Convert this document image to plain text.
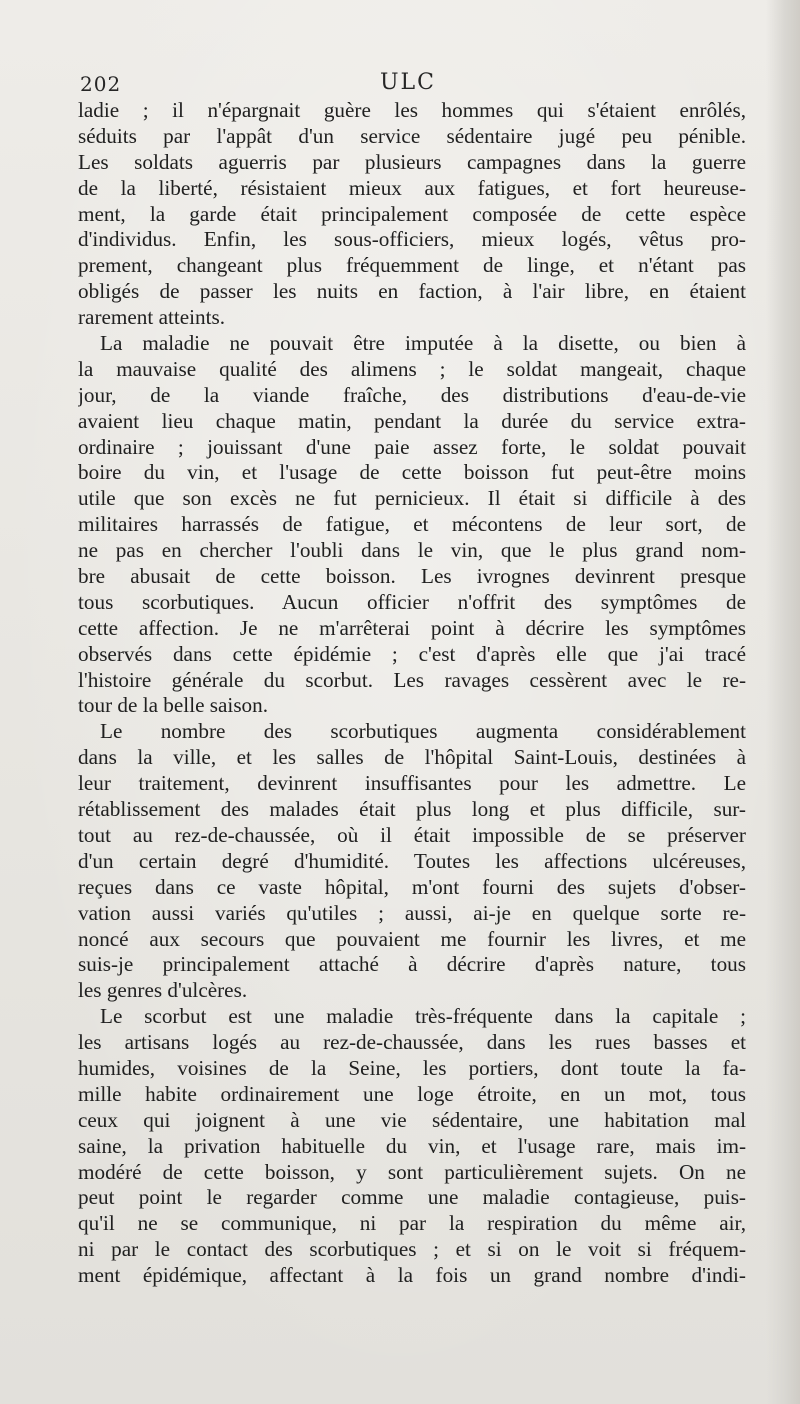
202	ULC
ladie ; il n'épargnait guère les hommes qui s'étaient enrôlés,
séduits par l'appât d'un service sédentaire jugé peu pénible.
Les soldats aguerris par plusieurs campagnes dans la guerre
de la liberté, résistaient mieux aux fatigues, et fort heureuse-
ment, la garde était principalement composée de cette espèce
d'individus. Enfin, les sous-officiers, mieux logés, vêtus pro-
prement, changeant plus fréquemment de linge, et n'étant pas
obligés de passer les nuits en faction, à l'air libre, en étaient
rarement atteints.
La maladie ne pouvait être imputée à la disette, ou bien à
la mauvaise qualité des alimens ; le soldat mangeait, chaque
jour, de la viande fraîche, des distributions d'eau-de-vie
avaient lieu chaque matin, pendant la durée du service extra-
ordinaire ; jouissant d'une paie assez forte, le soldat pouvait
boire du vin, et l'usage de cette boisson fut peut-être moins
utile que son excès ne fut pernicieux. Il était si difficile à des
militaires harrassés de fatigue, et mécontens de leur sort, de
ne pas en chercher l'oubli dans le vin, que le plus grand nom-
bre abusait de cette boisson. Les ivrognes devinrent presque
tous scorbutiques. Aucun officier n'offrit des symptômes de
cette affection. Je ne m'arrêterai point à décrire les symptômes
observés dans cette épidémie ; c'est d'après elle que j'ai tracé
l'histoire générale du scorbut. Les ravages cessèrent avec le re-
tour de la belle saison.
Le nombre des scorbutiques augmenta considérablement
dans la ville, et les salles de l'hôpital Saint-Louis, destinées à
leur traitement, devinrent insuffisantes pour les admettre. Le
rétablissement des malades était plus long et plus difficile, sur-
tout au rez-de-chaussée, où il était impossible de se préserver
d'un certain degré d'humidité. Toutes les affections ulcéreuses,
reçues dans ce vaste hôpital, m'ont fourni des sujets d'obser-
vation aussi variés qu'utiles ; aussi, ai-je en quelque sorte re-
noncé aux secours que pouvaient me fournir les livres, et me
suis-je principalement attaché à décrire d'après nature, tous
les genres d'ulcères.
Le scorbut est une maladie très-fréquente dans la capitale ;
les artisans logés au rez-de-chaussée, dans les rues basses et
humides, voisines de la Seine, les portiers, dont toute la fa-
mille habite ordinairement une loge étroite, en un mot, tous
ceux qui joignent à une vie sédentaire, une habitation mal
saine, la privation habituelle du vin, et l'usage rare, mais im-
modéré de cette boisson, y sont particulièrement sujets. On ne
peut point le regarder comme une maladie contagieuse, puis-
qu'il ne se communique, ni par la respiration du même air,
ni par le contact des scorbutiques ; et si on le voit si fréquem-
ment épidémique, affectant à la fois un grand nombre d'indi-
